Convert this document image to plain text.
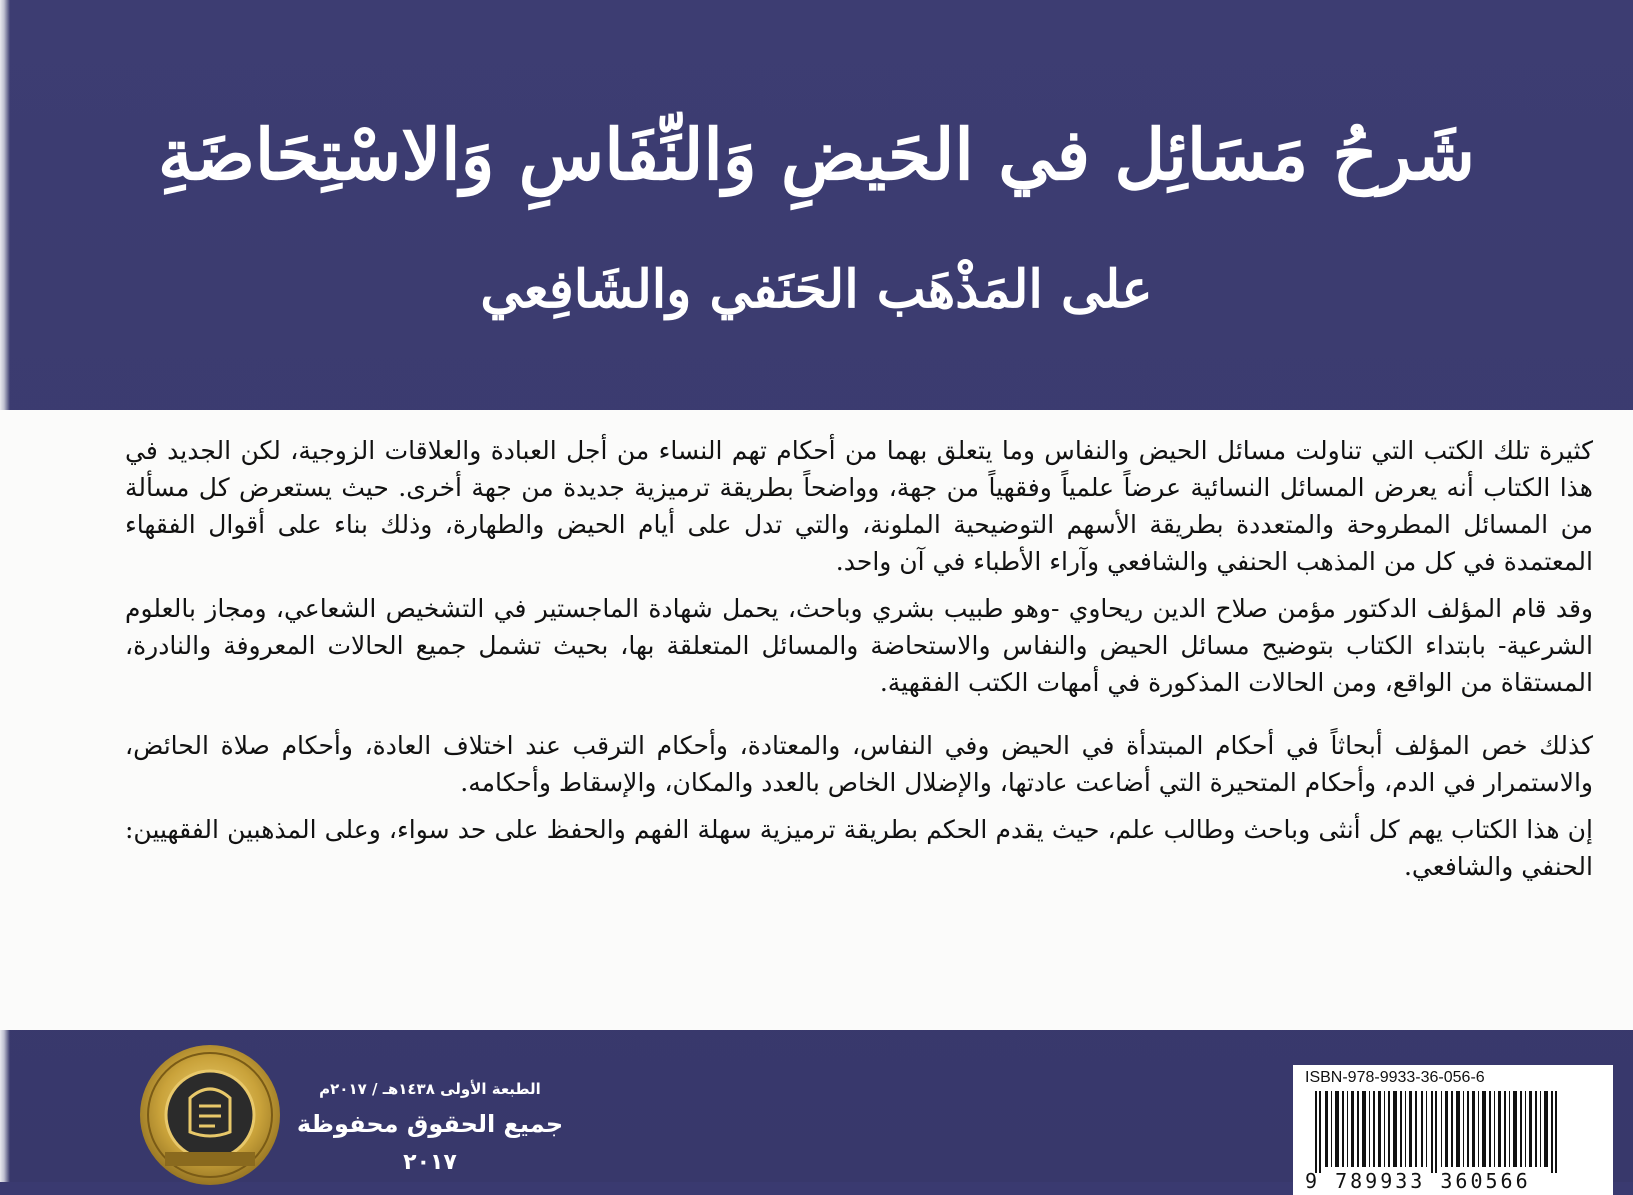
شَرحُ مَسَائِل في الحَيضِ وَالنِّفَاسِ وَالاسْتِحَاضَةِ
على المَذْهَب الحَنَفي والشَافِعي

كثيرة تلك الكتب التي تناولت مسائل الحيض والنفاس وما يتعلق بهما من أحكام تهم النساء من أجل العبادة والعلاقات الزوجية، لكن الجديد في هذا الكتاب أنه يعرض المسائل النسائية عرضاً علمياً وفقهياً من جهة، وواضحاً بطريقة ترميزية جديدة من جهة أخرى. حيث يستعرض كل مسألة من المسائل المطروحة والمتعددة بطريقة الأسهم التوضيحية الملونة، والتي تدل على أيام الحيض والطهارة، وذلك بناء على أقوال الفقهاء المعتمدة في كل من المذهب الحنفي والشافعي وآراء الأطباء في آن واحد.

وقد قام المؤلف الدكتور مؤمن صلاح الدين ريحاوي -وهو طبيب بشري وباحث، يحمل شهادة الماجستير في التشخيص الشعاعي، ومجاز بالعلوم الشرعية- بابتداء الكتاب بتوضيح مسائل الحيض والنفاس والاستحاضة والمسائل المتعلقة بها، بحيث تشمل جميع الحالات المعروفة والنادرة، المستقاة من الواقع، ومن الحالات المذكورة في أمهات الكتب الفقهية.

كذلك خص المؤلف أبحاثاً في أحكام المبتدأة في الحيض وفي النفاس، والمعتادة، وأحكام الترقب عند اختلاف العادة، وأحكام صلاة الحائض، والاستمرار في الدم، وأحكام المتحيرة التي أضاعت عادتها، والإضلال الخاص بالعدد والمكان، والإسقاط وأحكامه.

إن هذا الكتاب يهم كل أنثى وباحث وطالب علم، حيث يقدم الحكم بطريقة ترميزية سهلة الفهم والحفظ على حد سواء، وعلى المذهبين الفقهيين: الحنفي والشافعي.

الطبعة الأولى ١٤٣٨هـ / ٢٠١٧م
جميع الحقوق محفوظة
٢٠١٧
ISBN-978-9933-36-056-6
9 789933 360566
